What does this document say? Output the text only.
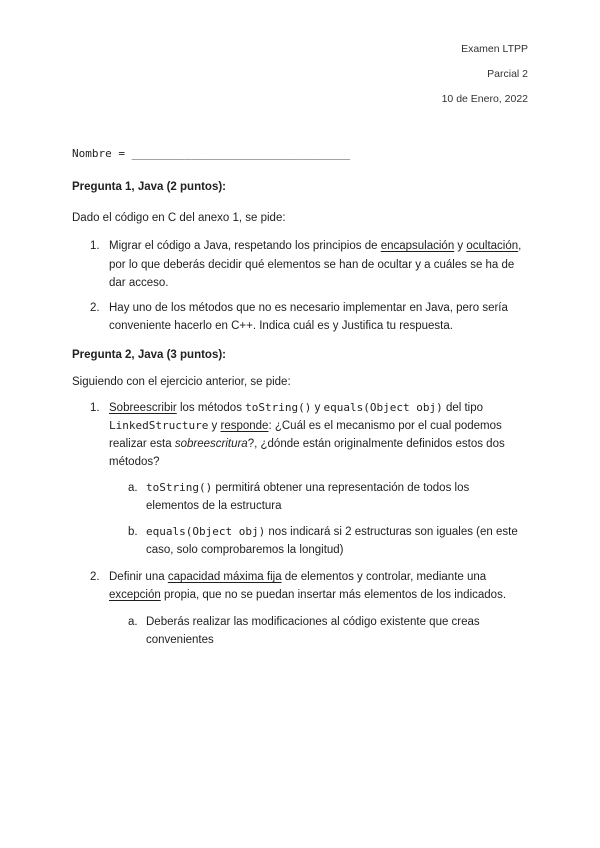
Examen LTPP
Parcial 2
10 de Enero, 2022
Nombre = _________________________________
Pregunta 1, Java (2 puntos):
Dado el código en C del anexo 1, se pide:
1. Migrar el código a Java, respetando los principios de encapsulación y ocultación,
por lo que deberás decidir qué elementos se han de ocultar y a cuáles se ha de
dar acceso.
2. Hay uno de los métodos que no es necesario implementar en Java, pero sería
conveniente hacerlo en C++. Indica cuál es y Justifica tu respuesta.
Pregunta 2, Java (3 puntos):
Siguiendo con el ejercicio anterior, se pide:
1. Sobreescribir los métodos toString() y equals(Object obj) del tipo
LinkedStructure y responde: ¿Cuál es el mecanismo por el cual podemos
realizar esta sobreescritura?, ¿dónde están originalmente definidos estos dos
métodos?
a. toString() permitirá obtener una representación de todos los
elementos de la estructura
b. equals(Object obj) nos indicará si 2 estructuras son iguales (en este
caso, solo comprobaremos la longitud)
2. Definir una capacidad máxima fija de elementos y controlar, mediante una
excepción propia, que no se puedan insertar más elementos de los indicados.
a. Deberás realizar las modificaciones al código existente que creas
convenientes
